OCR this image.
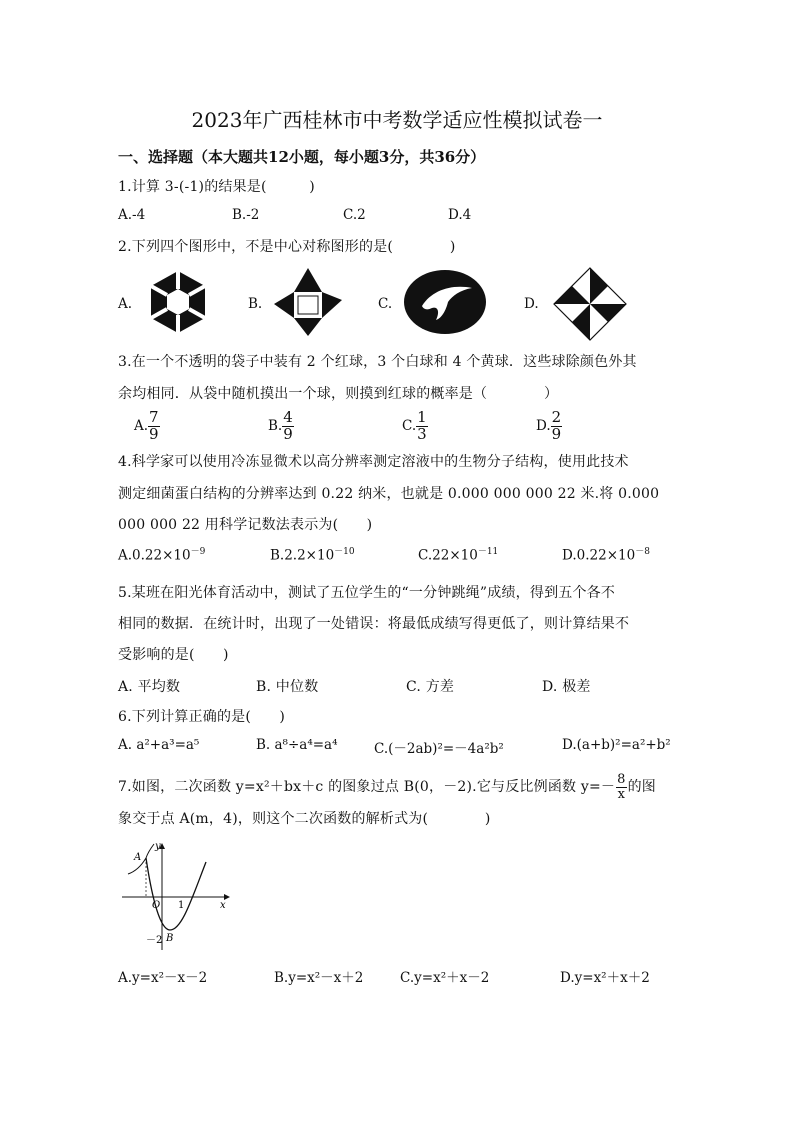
2023年广西桂林市中考数学适应性模拟试卷一
一、选择题（本大题共12小题，每小题3分，共36分）
1.计算 3-(-1)的结果是(　　　)
A.-4	B.-2	C.2	D.4
2.下列四个图形中，不是中心对称图形的是(　　　　)
A.	B.	C.	D.
3.在一个不透明的袋子中装有 2 个红球，3 个白球和 4 个黄球．这些球除颜色外其
余均相同．从袋中随机摸出一个球，则摸到红球的概率是（　　　　）
A. $\frac{7}{9}$	B. $\frac{4}{9}$	C. $\frac{1}{3}$	D. $\frac{2}{9}$
4.科学家可以使用冷冻显微术以高分辨率测定溶液中的生物分子结构，使用此技术
测定细菌蛋白结构的分辨率达到 0.22 纳米，也就是 0.000 000 000 22 米.将 0.000
000 000 22 用科学记数法表示为(　　)
$A.0.22\times 10^{-9}$	$B.2.2\times 10^{-10}$	$C.22\times 10^{-11}$	$D.0.22\times 10^{-8}$
5.某班在阳光体育活动中，测试了五位学生的“一分钟跳绳”成绩，得到五个各不
相同的数据．在统计时，出现了一处错误：将最低成绩写得更低了，则计算结果不
受影响的是(　　)
A. 平均数	B. 中位数	C. 方差	D. 极差
6.下列计算正确的是(　　)
A. a²+a³=a⁵	B. a⁸÷a⁴=a⁴	C.(－2ab)²=－4a²b²	D.(a+b)²=a²+b²
7.如图，二次函数 y=x²＋bx＋c 的图象过点 B(0，－2).它与反比例函数 $y=- \frac{8}{x}$ 的图
象交于点 A(m，4)，则这个二次函数的解析式为(　　　　)
y
x
O 1
－2
A
B
A.y=x²－x－2	B.y=x²－x＋2	C.y=x²＋x－2	D.y=x²＋x＋2
